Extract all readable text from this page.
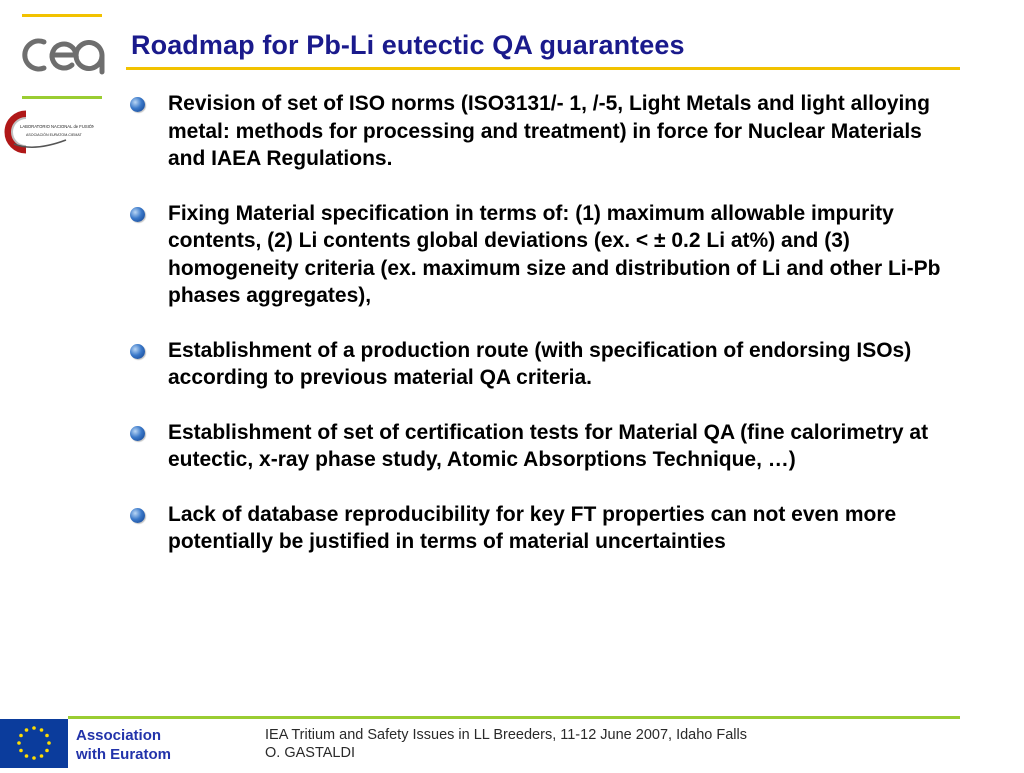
cea
LABORATORIO NACIONAL de FUSIÓN
ASOCIACIÓN EURATOM-CIEMAT
Roadmap for Pb-Li eutectic QA guarantees
Revision of set of ISO norms (ISO3131/- 1, /-5, Light Metals and light alloying metal: methods for processing and treatment) in force for Nuclear Materials and IAEA Regulations.
Fixing Material specification in terms of: (1) maximum allowable impurity contents, (2) Li contents global deviations (ex. < ± 0.2 Li at%) and (3) homogeneity criteria (ex. maximum size and distribution of Li and other Li-Pb phases aggregates),
Establishment of a production route (with specification of endorsing ISOs) according to previous material QA criteria.
Establishment of set of certification tests for Material QA (fine calorimetry at eutectic, x-ray phase study, Atomic Absorptions Technique, …)
Lack of database reproducibility for key FT properties can not even more potentially be justified in terms of material uncertainties
Association
with Euratom
IEA Tritium and Safety Issues in LL Breeders, 11-12 June 2007, Idaho Falls
O. GASTALDI
